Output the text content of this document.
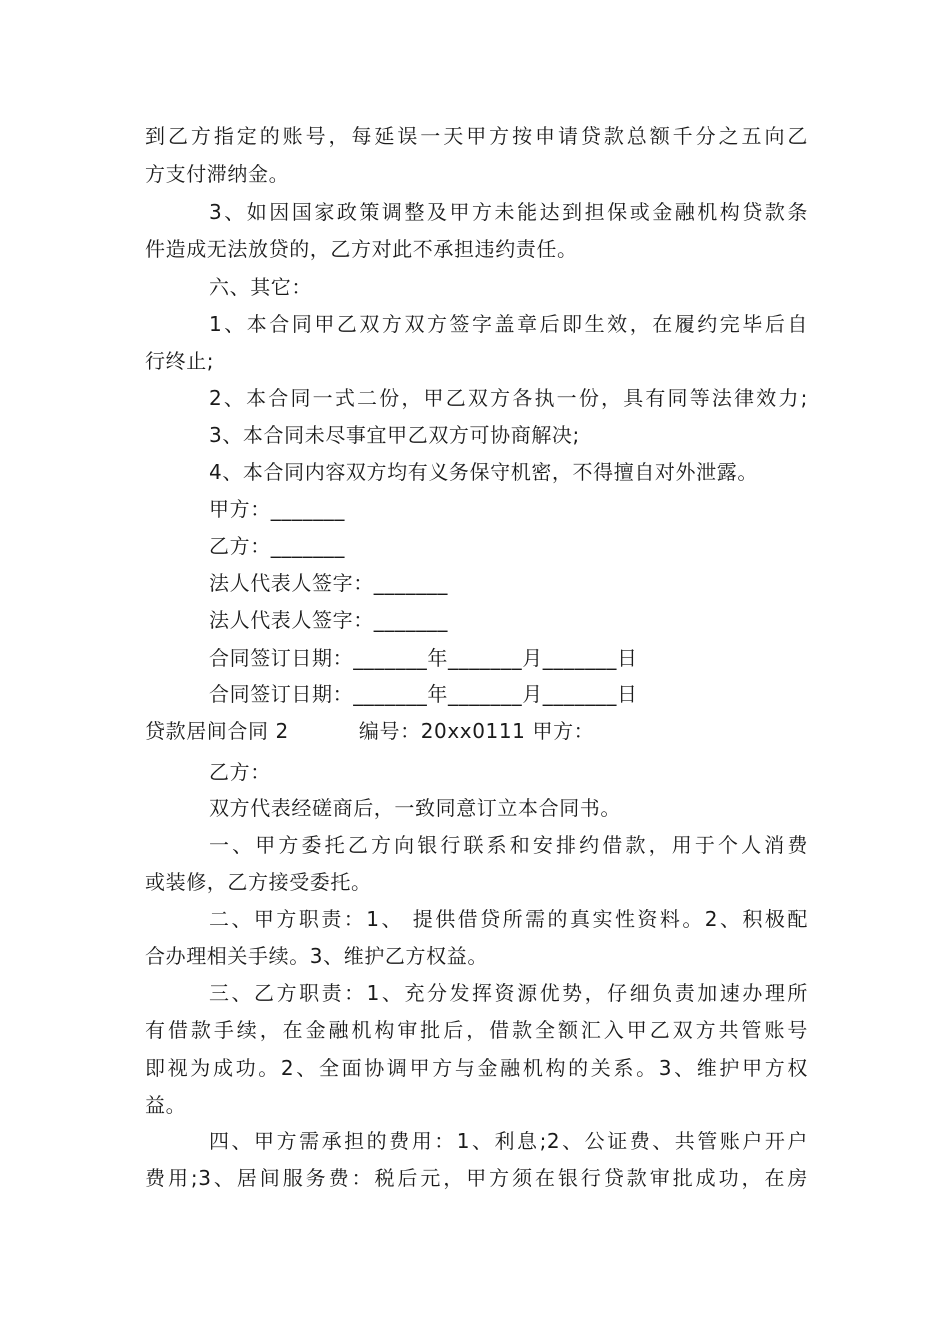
到乙方指定的账号，每延误一天甲方按申请贷款总额千分之五向乙
方支付滞纳金。
3、如因国家政策调整及甲方未能达到担保或金融机构贷款条
件造成无法放贷的，乙方对此不承担违约责任。
六、其它：
1、本合同甲乙双方双方签字盖章后即生效，在履约完毕后自
行终止;
2、本合同一式二份，甲乙双方各执一份，具有同等法律效力;
3、本合同未尽事宜甲乙双方可协商解决;
4、本合同内容双方均有义务保守机密，不得擅自对外泄露。
甲方：_______
乙方：_______
法人代表人签字：_______
法人代表人签字：_______
合同签订日期：_______年_______月_______日
合同签订日期：_______年_______月_______日
贷款居间合同 2	编号：20xx0111 甲方：
乙方：
双方代表经磋商后，一致同意订立本合同书。
一、甲方委托乙方向银行联系和安排约借款，用于个人消费
或装修，乙方接受委托。
二、甲方职责：1、 提供借贷所需的真实性资料。2、积极配
合办理相关手续。3、维护乙方权益。
三、乙方职责：1、充分发挥资源优势，仔细负责加速办理所
有借款手续，在金融机构审批后，借款全额汇入甲乙双方共管账号
即视为成功。2、全面协调甲方与金融机构的关系。3、维护甲方权
益。
四、甲方需承担的费用：1、利息;2、公证费、共管账户开户
费用;3、居间服务费：税后元，甲方须在银行贷款审批成功，在房
